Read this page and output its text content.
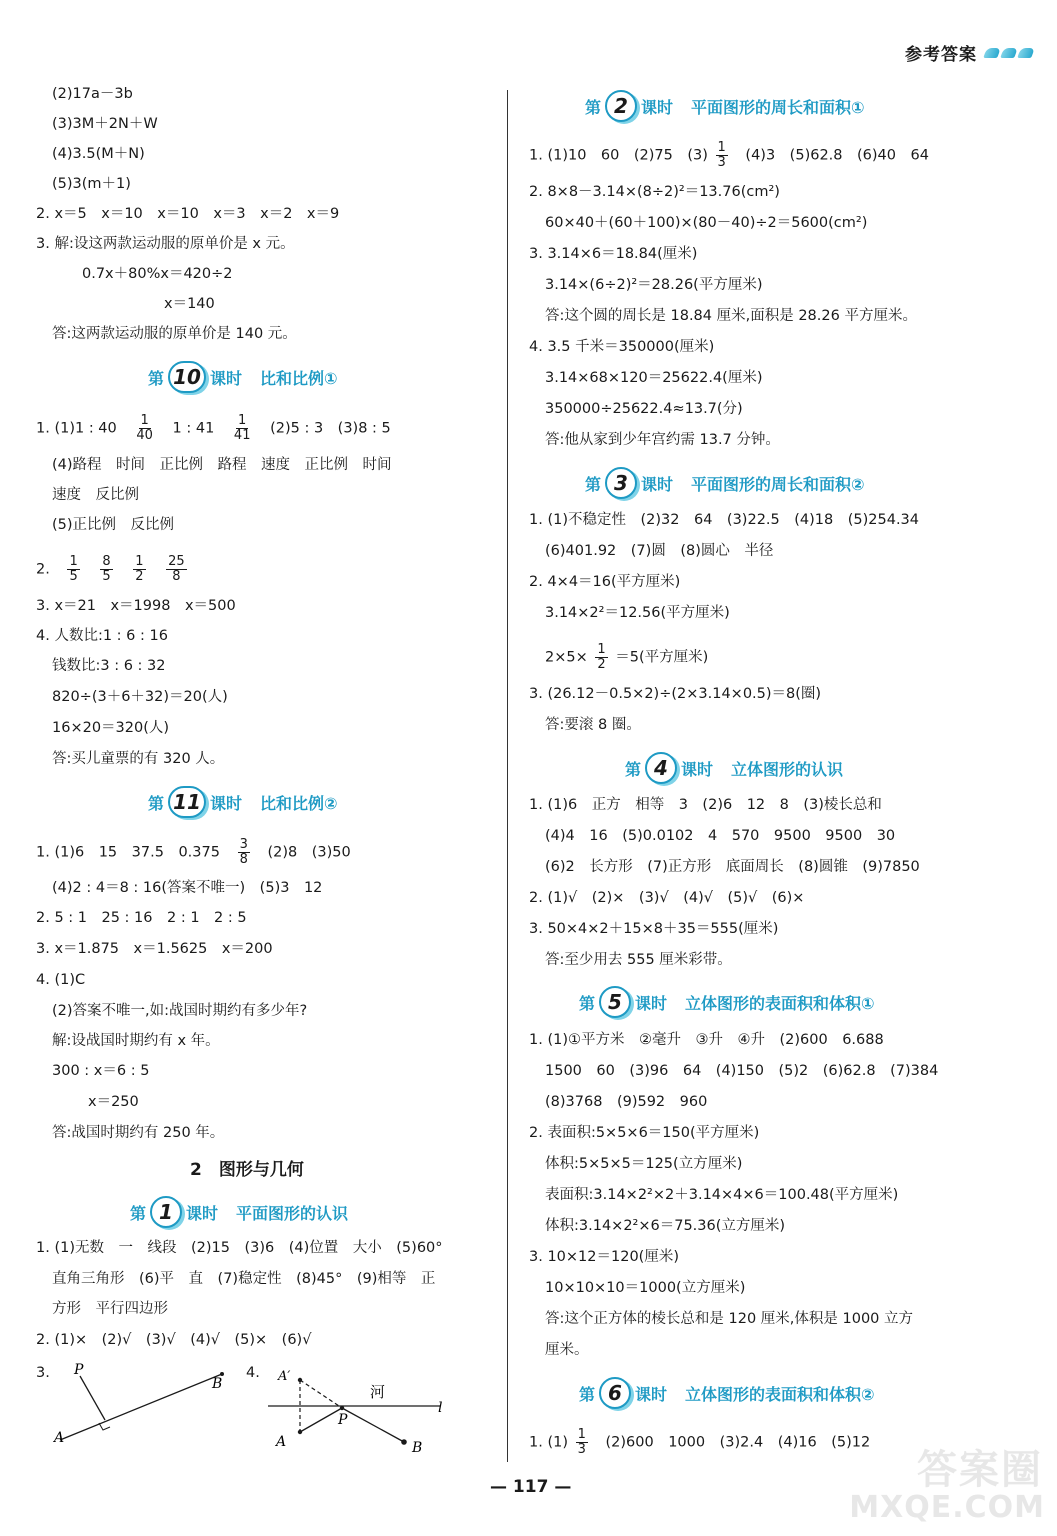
参考答案
(2)17a－3b
(3)3M＋2N＋W
(4)3.5(M＋N)
(5)3(m＋1)
2. x＝5　x＝10　x＝10　x＝3　x＝2　x＝9
3. 解:设这两款运动服的原单价是 x 元。
0.7x＋80%x＝420÷2
x＝140
答:这两款运动服的原单价是 140 元。
第 10 课时 比和比例①
1. (1)1 : $40 \frac{1}{40} 1$ : $41 \frac{1}{41} (2)5$ : 3　(3)8 : 5
(4)路程　时间　正比例　路程　速度　正比例　时间
速度　反比例
(5)正比例　反比例
2. $\frac{1}{5}$
$\frac{8}{5}$
$\frac{1}{2}$
$\frac{25}{8}$
3. x＝21　x＝1998　x＝500
4. 人数比:1 : 6 : 16
钱数比:3 : 6 : 32
820÷(3＋6＋32)＝20(人)
16×20＝320(人)
答:买儿童票的有 320 人。
第 11 课时 比和比例②
1. (1)6　15　37.5　$0.375 \frac{3}{8} (2)8$　(3)50
(4)2 : 4＝8 : 16(答案不唯一)　(5)3　12
2. 5 : 1　25 : 16　2 : 1　2 : 5
3. x＝1.875　x＝1.5625　x＝200
4. (1)C
(2)答案不唯一,如:战国时期约有多少年?
解:设战国时期约有 x 年。
300 : x＝6 : 5
x＝250
答:战国时期约有 250 年。
2　图形与几何
第 1 课时 平面图形的认识
1. (1)无数　一　线段　(2)15　(3)6　(4)位置　大小　(5)60°
直角三角形　(6)平　直　(7)稳定性　(8)45°　(9)相等　正
方形　平行四边形
2. (1)×　(2)√　(3)√　(4)√　(5)×　(6)√
3.	4.
P
A
B	A′
A
P
B
河
l
第 2 课时 平面图形的周长和面积①
1. (1)10　60　(2)75　$(3) \frac{1}{3} (4)3$　(5)62.8　(6)40　64
2. 8×8－3.14×(8÷2)²＝13.76(cm²)
60×40＋(60＋100)×(80－40)÷2＝5600(cm²)
3. 3.14×6＝18.84(厘米)
3.14×(6÷2)²＝28.26(平方厘米)
答:这个圆的周长是 18.84 厘米,面积是 28.26 平方厘米。
4. 3.5 千米＝350000(厘米)
3.14×68×120＝25622.4(厘米)
350000÷25622.4≈13.7(分)
答:他从家到少年宫约需 13.7 分钟。
第 3 课时 平面图形的周长和面积②
1. (1)不稳定性　(2)32　64　(3)22.5　(4)18　(5)254.34
(6)401.92　(7)圆　(8)圆心　半径
2. 4×4＝16(平方厘米)
3.14×2²＝12.56(平方厘米)
$2\times 5\times \frac{1}{2} =5$(平方厘米)
3. (26.12－0.5×2)÷(2×3.14×0.5)＝8(圈)
答:要滚 8 圈。
第 4 课时 立体图形的认识
1. (1)6　正方　相等　3　(2)6　12　8　(3)棱长总和
(4)4　16　(5)0.0102　4　570　9500　9500　30
(6)2　长方形　(7)正方形　底面周长　(8)圆锥　(9)7850
2. (1)√　(2)×　(3)√　(4)√　(5)√　(6)×
3. 50×4×2＋15×8＋35＝555(厘米)
答:至少用去 555 厘米彩带。
第 5 课时 立体图形的表面积和体积①
1. (1)①平方米　②毫升　③升　④升　(2)600　6.688
1500　60　(3)96　64　(4)150　(5)2　(6)62.8　(7)384
(8)3768　(9)592　960
2. 表面积:5×5×6＝150(平方厘米)
体积:5×5×5＝125(立方厘米)
表面积:3.14×2²×2＋3.14×4×6＝100.48(平方厘米)
体积:3.14×2²×6＝75.36(立方厘米)
3. 10×12＝120(厘米)
10×10×10＝1000(立方厘米)
答:这个正方体的棱长总和是 120 厘米,体积是 1000 立方
厘米。
第 6 课时 立体图形的表面积和体积②
1. $(1) \frac{1}{3} (2)600$　1000　(3)2.4　(4)16　(5)12
— 117 —	答案圈
MXQE.COM
